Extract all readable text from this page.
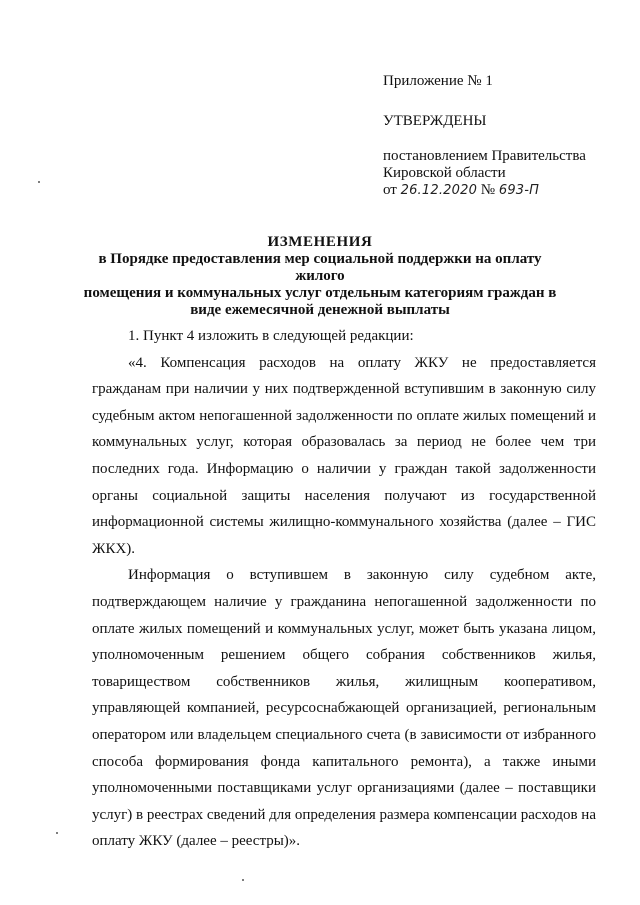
Приложение № 1
УТВЕРЖДЕНЫ
постановлением Правительства
Кировской области
от 26.12.2020 № 693-П
ИЗМЕНЕНИЯ
в Порядке предоставления мер социальной поддержки на оплату жилого
помещения и коммунальных услуг отдельным категориям граждан в
виде ежемесячной денежной выплаты

1. Пункт 4 изложить в следующей редакции:

«4. Компенсация расходов на оплату ЖКУ не предоставляется гражданам при наличии у них подтвержденной вступившим в законную силу судебным актом непогашенной задолженности по оплате жилых помещений и коммунальных услуг, которая образовалась за период не более чем три последних года. Информацию о наличии у граждан такой задолженности органы социальной защиты населения получают из государственной информационной системы жилищно-коммунального хозяйства (далее – ГИС ЖКХ).

Информация о вступившем в законную силу судебном акте, подтверждающем наличие у гражданина непогашенной задолженности по оплате жилых помещений и коммунальных услуг, может быть указана лицом, уполномоченным решением общего собрания собственников жилья, товариществом собственников жилья, жилищным кооперативом, управляющей компанией, ресурсоснабжающей организацией, региональным оператором или владельцем специального счета (в зависимости от избранного способа формирования фонда капитального ремонта), а также иными уполномоченными поставщиками услуг организациями (далее – поставщики услуг) в реестрах сведений для определения размера компенсации расходов на оплату ЖКУ (далее – реестры)».
